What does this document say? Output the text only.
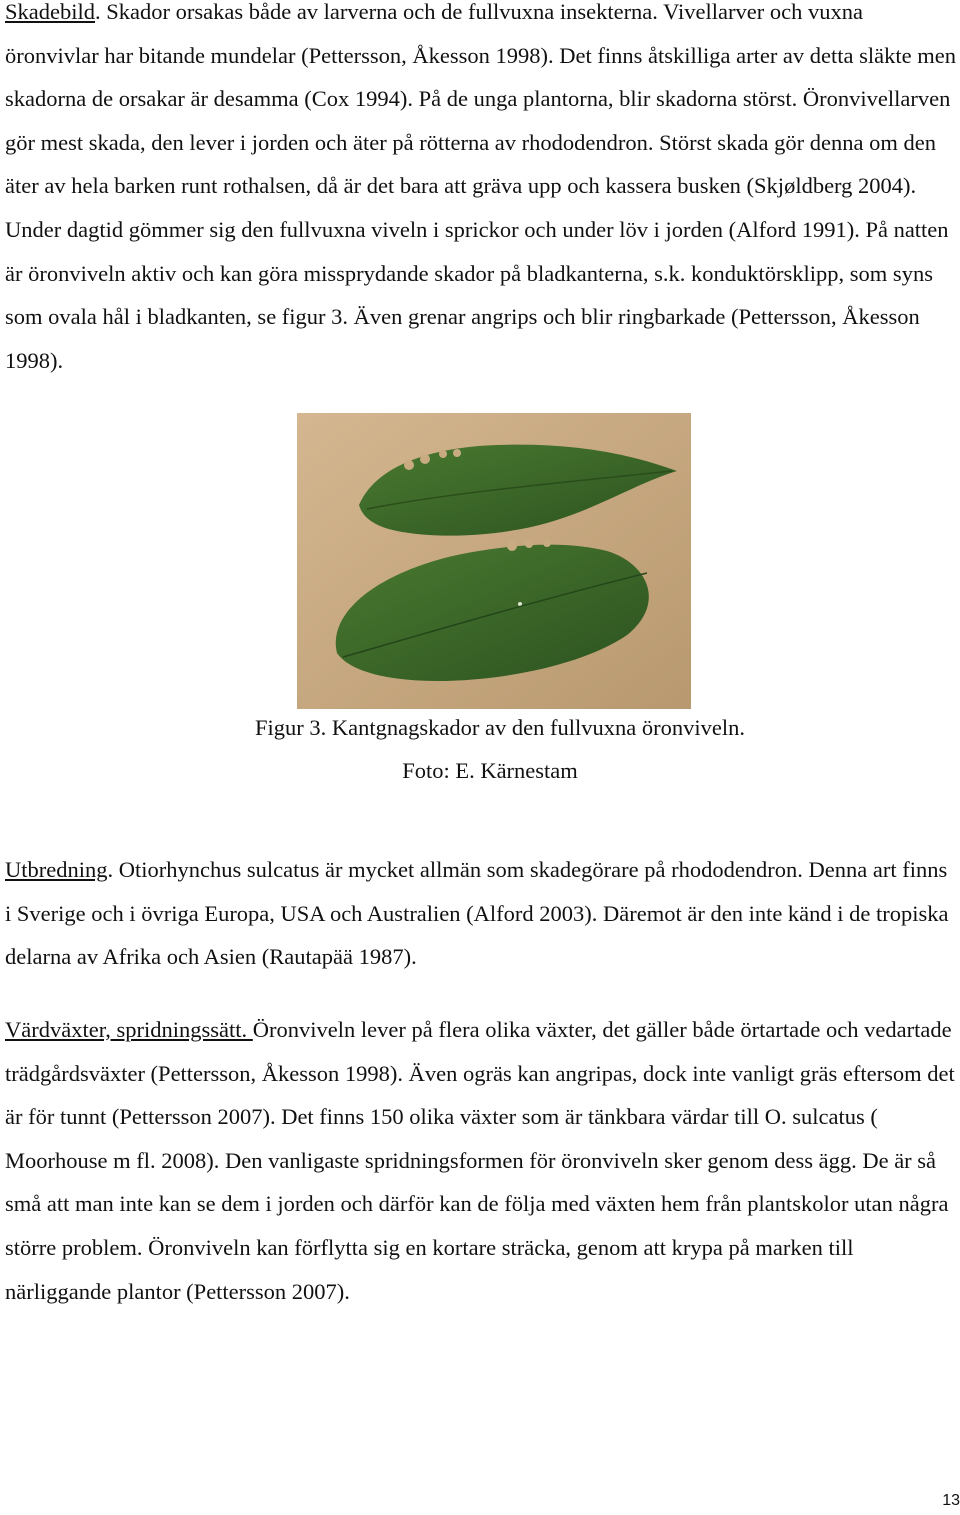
Skadebild. Skador orsakas både av larverna och de fullvuxna insekterna. Vivellarver och vuxna öronvivlar har bitande mundelar (Pettersson, Åkesson 1998). Det finns åtskilliga arter av detta släkte men skadorna de orsakar är desamma (Cox 1994). På de unga plantorna, blir skadorna störst. Öronvivellarven gör mest skada, den lever i jorden och äter på rötterna av rhododendron. Störst skada gör denna om den äter av hela barken runt rothalsen, då är det bara att gräva upp och kassera busken (Skjøldberg 2004). Under dagtid gömmer sig den fullvuxna viveln i sprickor och under löv i jorden (Alford 1991). På natten är öronviveln aktiv och kan göra missprydande skador på bladkanterna, s.k. konduktörsklipp, som syns som ovala hål i bladkanten, se figur 3. Även grenar angrips och blir ringbarkade (Pettersson, Åkesson 1998).

Figur 3. Kantgnagskador av den fullvuxna öronviveln.
Foto: E. Kärnestam

Utbredning. Otiorhynchus sulcatus är mycket allmän som skadegörare på rhododendron. Denna art finns i Sverige och i övriga Europa, USA och Australien (Alford 2003). Däremot är den inte känd i de tropiska delarna av Afrika och Asien (Rautapää 1987).

Värdväxter, spridningssätt. Öronviveln lever på flera olika växter, det gäller både örtartade och vedartade trädgårdsväxter (Pettersson, Åkesson 1998). Även ogräs kan angripas, dock inte vanligt gräs eftersom det är för tunnt (Pettersson 2007). Det finns 150 olika växter som är tänkbara värdar till O. sulcatus ( Moorhouse m fl. 2008). Den vanligaste spridningsformen för öronviveln sker genom dess ägg. De är så små att man inte kan se dem i jorden och därför kan de följa med växten hem från plantskolor utan några större problem. Öronviveln kan förflytta sig en kortare sträcka, genom att krypa på marken till närliggande plantor (Pettersson 2007).

13
